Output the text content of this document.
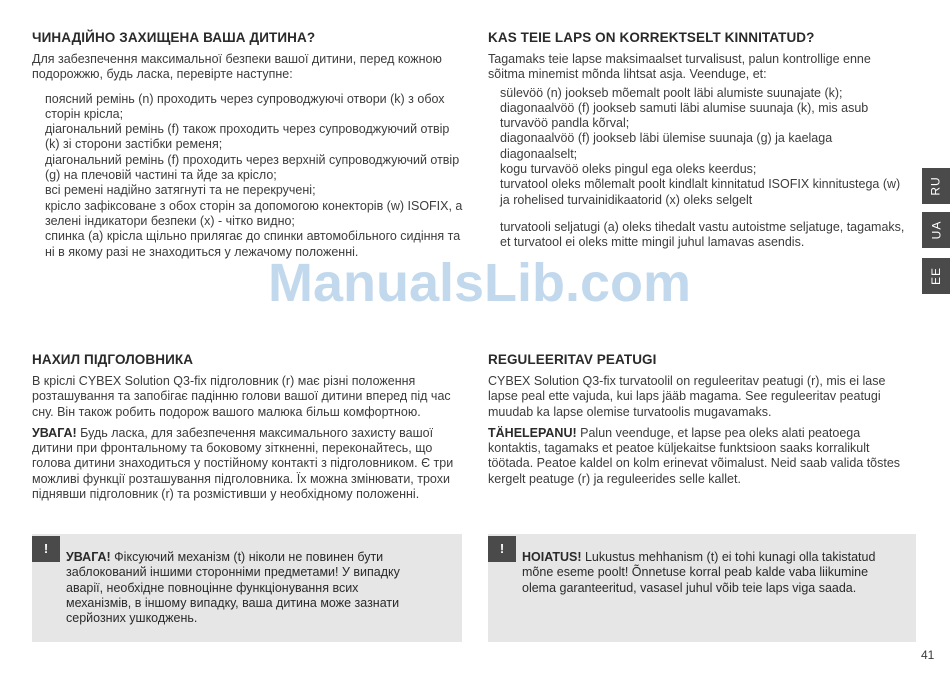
ЧИНАДІЙНО ЗАХИЩЕНА ВАША ДИТИНА?

Для забезпечення максимальної безпеки вашої дитини, перед кожною подорожжю, будь ласка, перевірте наступне:

поясний ремінь (n) проходить через супроводжуючі отвори (k) з обох сторін крісла;
діагональний ремінь (f) також проходить через супроводжуючий отвір (k) зі сторони застібки ременя;
діагональний ремінь (f) проходить через верхній супроводжуючий отвір (g) на плечовій частині та йде за крісло;
всі ремені надійно затягнуті та не перекручені;
крісло зафіксоване з обох сторін за допомогою конекторів (w) ISOFIX, а зелені індикатори безпеки (x) - чітко видно;
спинка (а) крісла щільно прилягає до спинки автомобільного сидіння та ні в якому разі не знаходиться у лежачому положенні.
НАХИЛ ПІДГОЛОВНИКА

В кріслі CYBEX Solution Q3-fix підголовник (r) має різні положення розташування та запобігає падінню голови вашої дитини вперед під час сну. Він також робить подорож вашого малюка більш комфортною.

УВАГА! Будь ласка, для забезпечення максимального захисту вашої дитини при фронтальному та боковому зіткненні, переконайтесь, що голова дитини знаходиться у постійному контакті з підголовником. Є три можливі функції розташування підголовника. Їх можна змінювати, трохи піднявши підголовник (r) та розмістивши у необхідному положенні.

!

УВАГА! Фіксуючий механізм (t) ніколи не повинен бути заблокований іншими сторонніми предметами! У випадку аварії, необхідне повноцінне функціонування всих механізмів, в іншому випадку, ваша дитина може зазнати серйозних ушкоджень.

KAS TEIE LAPS ON KORREKTSELT KINNITATUD?

Tagamaks teie lapse maksimaalset turvalisust, palun kontrollige enne sõitma minemist mõnda lihtsat asja. Veenduge, et:

sülevöö (n) jookseb mõemalt poolt läbi alumiste suunajate (k);
diagonaalvöö (f) jookseb samuti läbi alumise suunaja (k), mis asub turvavöö pandla kõrval;
diagonaalvöö (f) jookseb läbi ülemise suunaja (g) ja kaelaga diagonaalselt;
kogu turvavöö oleks pingul ega oleks keerdus;
turvatool oleks mõlemalt poolt kindlalt kinnitatud ISOFIX kinnitustega (w) ja rohelised turvainidikaatorid (x) oleks selgelt
turvatooli seljatugi (a) oleks tihedalt vastu autoistme seljatuge, tagamaks, et turvatool ei oleks mitte mingil juhul lamavas asendis.
REGULEERITAV PEATUGI

CYBEX Solution Q3-fix turvatoolil on reguleeritav peatugi (r), mis ei lase lapse peal ette vajuda, kui laps jääb magama. See reguleeritav peatugi muudab ka lapse olemise turvatoolis mugavamaks.

TÄHELEPANU! Palun veenduge, et lapse pea oleks alati peatoega kontaktis, tagamaks et peatoe küljekaitse funktsioon saaks korralikult töötada. Peatoe kaldel on kolm erinevat võimalust. Neid saab valida tõstes kergelt peatuge (r) ja reguleerides selle kallet.

!

HOIATUS! Lukustus mehhanism (t) ei tohi kunagi olla takistatud mõne eseme poolt! Õnnetuse korral peab kalde vaba liikumine olema garanteeritud, vasasel juhul võib teie laps viga saada.

RU
UA
EE
ManualsLib.com
41
